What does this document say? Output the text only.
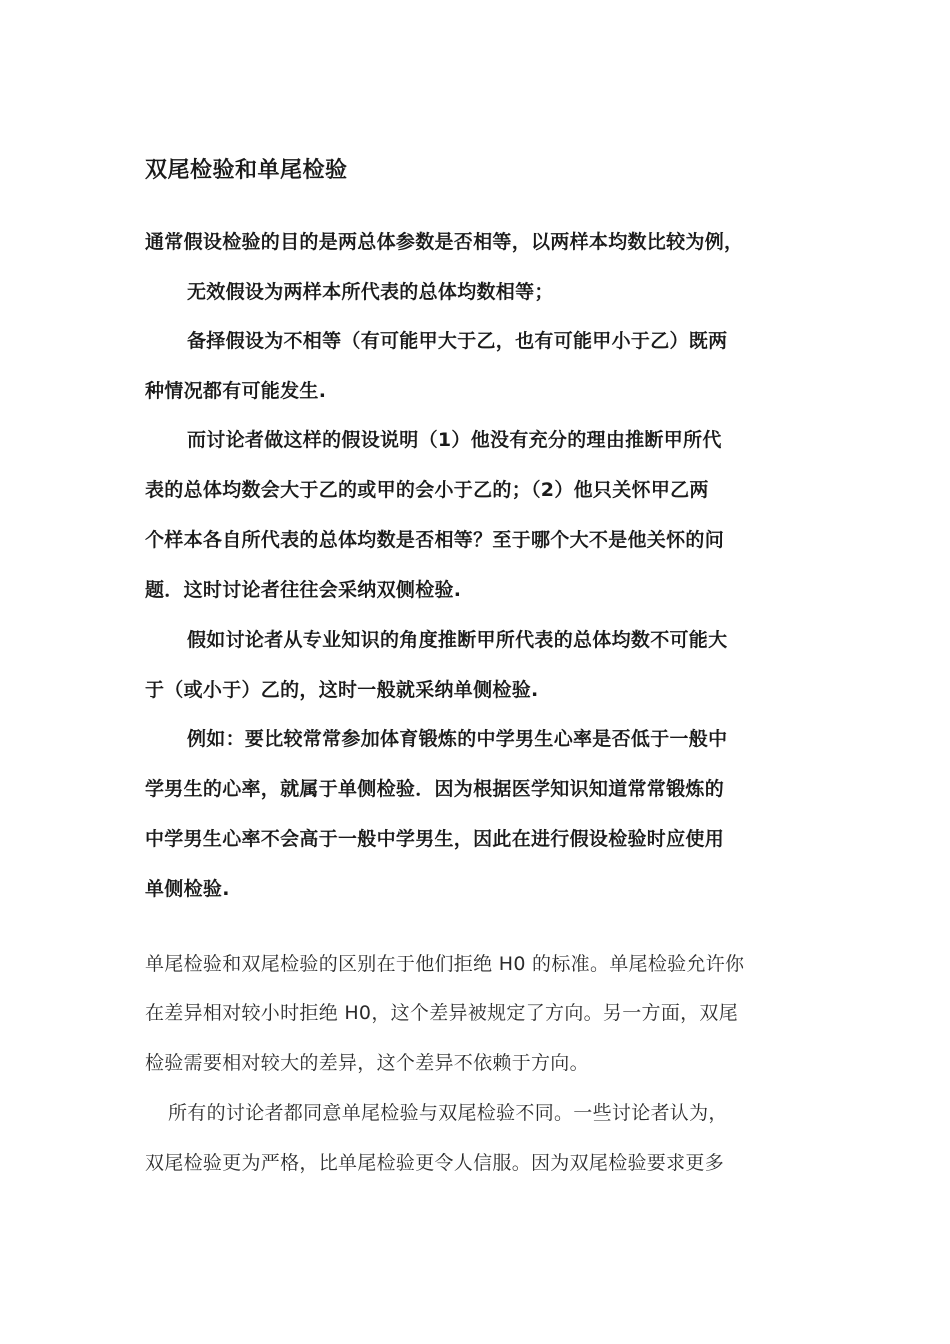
双尾检验和单尾检验
通常假设检验的目的是两总体参数是否相等，以两样本均数比较为例，
无效假设为两样本所代表的总体均数相等；
备择假设为不相等（有可能甲大于乙，也有可能甲小于乙）既两
种情况都有可能发生.
而讨论者做这样的假设说明（1）他没有充分的理由推断甲所代
表的总体均数会大于乙的或甲的会小于乙的；（2）他只关怀甲乙两
个样本各自所代表的总体均数是否相等？至于哪个大不是他关怀的问
题．这时讨论者往往会采纳双侧检验.
假如讨论者从专业知识的角度推断甲所代表的总体均数不可能大
于（或小于）乙的，这时一般就采纳单侧检验.
例如：要比较常常参加体育锻炼的中学男生心率是否低于一般中
学男生的心率，就属于单侧检验．因为根据医学知识知道常常锻炼的
中学男生心率不会高于一般中学男生，因此在进行假设检验时应使用
单侧检验.
单尾检验和双尾检验的区别在于他们拒绝 H0 的标准。单尾检验允许你
在差异相对较小时拒绝 H0，这个差异被规定了方向。另一方面，双尾
检验需要相对较大的差异，这个差异不依赖于方向。
所有的讨论者都同意单尾检验与双尾检验不同。一些讨论者认为，
双尾检验更为严格，比单尾检验更令人信服。因为双尾检验要求更多
